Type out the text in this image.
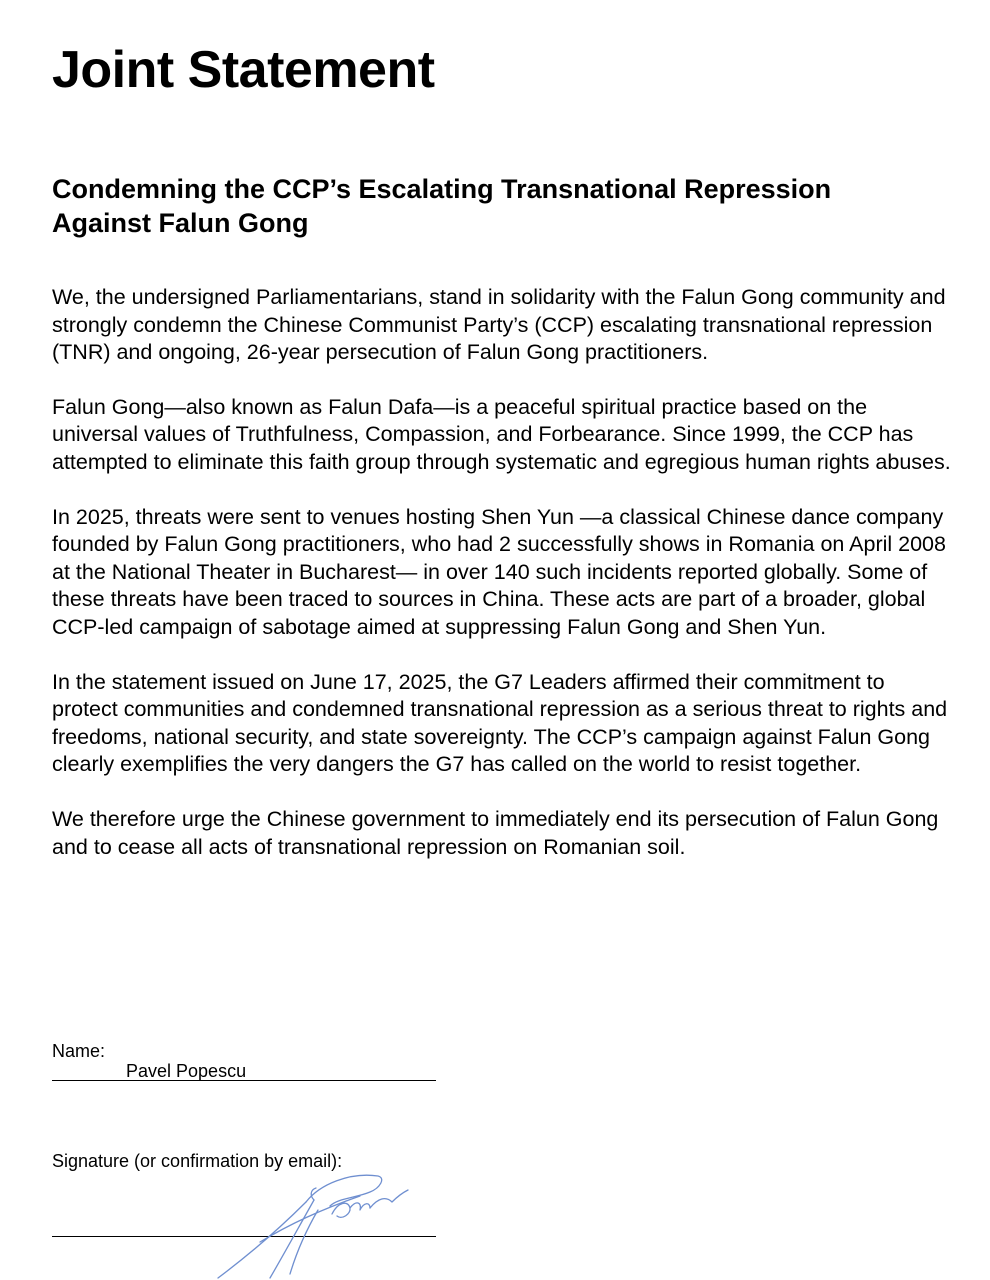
Joint Statement
Condemning the CCP’s Escalating Transnational Repression Against Falun Gong

We, the undersigned Parliamentarians, stand in solidarity with the Falun Gong community and strongly condemn the Chinese Communist Party’s (CCP) escalating transnational repression (TNR) and ongoing, 26-year persecution of Falun Gong practitioners.

Falun Gong—also known as Falun Dafa—is a peaceful spiritual practice based on the universal values of Truthfulness, Compassion, and Forbearance. Since 1999, the CCP has attempted to eliminate this faith group through systematic and egregious human rights abuses.

In 2025, threats were sent to venues hosting Shen Yun —a classical Chinese dance company founded by Falun Gong practitioners, who had 2 successfully shows in Romania on April 2008 at the National Theater in Bucharest— in over 140 such incidents reported globally. Some of these threats have been traced to sources in China. These acts are part of a broader, global CCP-led campaign of sabotage aimed at suppressing Falun Gong and Shen Yun.

In the statement issued on June 17, 2025, the G7 Leaders affirmed their commitment to protect communities and condemned transnational repression as a serious threat to rights and freedoms, national security, and state sovereignty. The CCP’s campaign against Falun Gong clearly exemplifies the very dangers the G7 has called on the world to resist together.

We therefore urge the Chinese government to immediately end its persecution of Falun Gong and to cease all acts of transnational repression on Romanian soil.

Name:
Pavel Popescu
Signature (or confirmation by email):
